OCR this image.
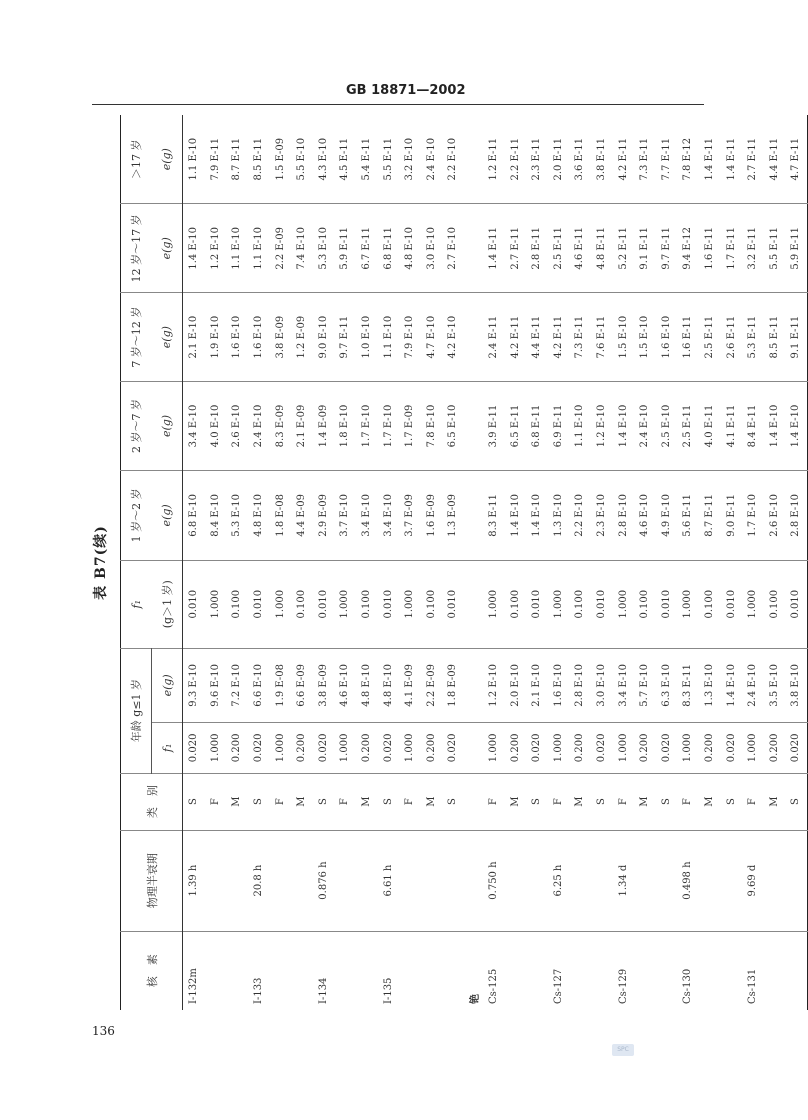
GB 18871—2002
表 B7(续)
核　素	物理半衰期	类　别	年龄 g≤1 岁		f₁	1 岁～2 岁	2 岁～7 岁	7 岁～12 岁	12 岁～17 岁	＞17 岁
			f₁	e(g)	(g＞1 岁)	e(g)	e(g)	e(g)	e(g)	e(g)
I-132m	1.39 h	S	0.020	9.3 E-10	0.010	6.8 E-10	3.4 E-10	2.1 E-10	1.4 E-10	1.1 E-10
		F	1.000	9.6 E-10	1.000	8.4 E-10	4.0 E-10	1.9 E-10	1.2 E-10	7.9 E-11
		M	0.200	7.2 E-10	0.100	5.3 E-10	2.6 E-10	1.6 E-10	1.1 E-10	8.7 E-11
I-133	20.8 h	S	0.020	6.6 E-10	0.010	4.8 E-10	2.4 E-10	1.6 E-10	1.1 E-10	8.5 E-11
		F	1.000	1.9 E-08	1.000	1.8 E-08	8.3 E-09	3.8 E-09	2.2 E-09	1.5 E-09
		M	0.200	6.6 E-09	0.100	4.4 E-09	2.1 E-09	1.2 E-09	7.4 E-10	5.5 E-10
I-134	0.876 h	S	0.020	3.8 E-09	0.010	2.9 E-09	1.4 E-09	9.0 E-10	5.3 E-10	4.3 E-10
		F	1.000	4.6 E-10	1.000	3.7 E-10	1.8 E-10	9.7 E-11	5.9 E-11	4.5 E-11
		M	0.200	4.8 E-10	0.100	3.4 E-10	1.7 E-10	1.0 E-10	6.7 E-11	5.4 E-11
I-135	6.61 h	S	0.020	4.8 E-10	0.010	3.4 E-10	1.7 E-10	1.1 E-10	6.8 E-11	5.5 E-11
		F	1.000	4.1 E-09	1.000	3.7 E-09	1.7 E-09	7.9 E-10	4.8 E-10	3.2 E-10
		M	0.200	2.2 E-09	0.100	1.6 E-09	7.8 E-10	4.7 E-10	3.0 E-10	2.4 E-10
		S	0.020	1.8 E-09	0.010	1.3 E-09	6.5 E-10	4.2 E-10	2.7 E-10	2.2 E-10
铯										
Cs-125	0.750 h	F	1.000	1.2 E-10	1.000	8.3 E-11	3.9 E-11	2.4 E-11	1.4 E-11	1.2 E-11
		M	0.200	2.0 E-10	0.100	1.4 E-10	6.5 E-11	4.2 E-11	2.7 E-11	2.2 E-11
		S	0.020	2.1 E-10	0.010	1.4 E-10	6.8 E-11	4.4 E-11	2.8 E-11	2.3 E-11
Cs-127	6.25 h	F	1.000	1.6 E-10	1.000	1.3 E-10	6.9 E-11	4.2 E-11	2.5 E-11	2.0 E-11
		M	0.200	2.8 E-10	0.100	2.2 E-10	1.1 E-10	7.3 E-11	4.6 E-11	3.6 E-11
		S	0.020	3.0 E-10	0.010	2.3 E-10	1.2 E-10	7.6 E-11	4.8 E-11	3.8 E-11
Cs-129	1.34 d	F	1.000	3.4 E-10	1.000	2.8 E-10	1.4 E-10	1.5 E-10	5.2 E-11	4.2 E-11
		M	0.200	5.7 E-10	0.100	4.6 E-10	2.4 E-10	1.5 E-10	9.1 E-11	7.3 E-11
		S	0.020	6.3 E-10	0.010	4.9 E-10	2.5 E-10	1.6 E-10	9.7 E-11	7.7 E-11
Cs-130	0.498 h	F	1.000	8.3 E-11	1.000	5.6 E-11	2.5 E-11	1.6 E-11	9.4 E-12	7.8 E-12
		M	0.200	1.3 E-10	0.100	8.7 E-11	4.0 E-11	2.5 E-11	1.6 E-11	1.4 E-11
		S	0.020	1.4 E-10	0.010	9.0 E-11	4.1 E-11	2.6 E-11	1.7 E-11	1.4 E-11
Cs-131	9.69 d	F	1.000	2.4 E-10	1.000	1.7 E-10	8.4 E-11	5.3 E-11	3.2 E-11	2.7 E-11
		M	0.200	3.5 E-10	0.100	2.6 E-10	1.4 E-10	8.5 E-11	5.5 E-11	4.4 E-11
		S	0.020	3.8 E-10	0.010	2.8 E-10	1.4 E-10	9.1 E-11	5.9 E-11	4.7 E-11
136
SPC
